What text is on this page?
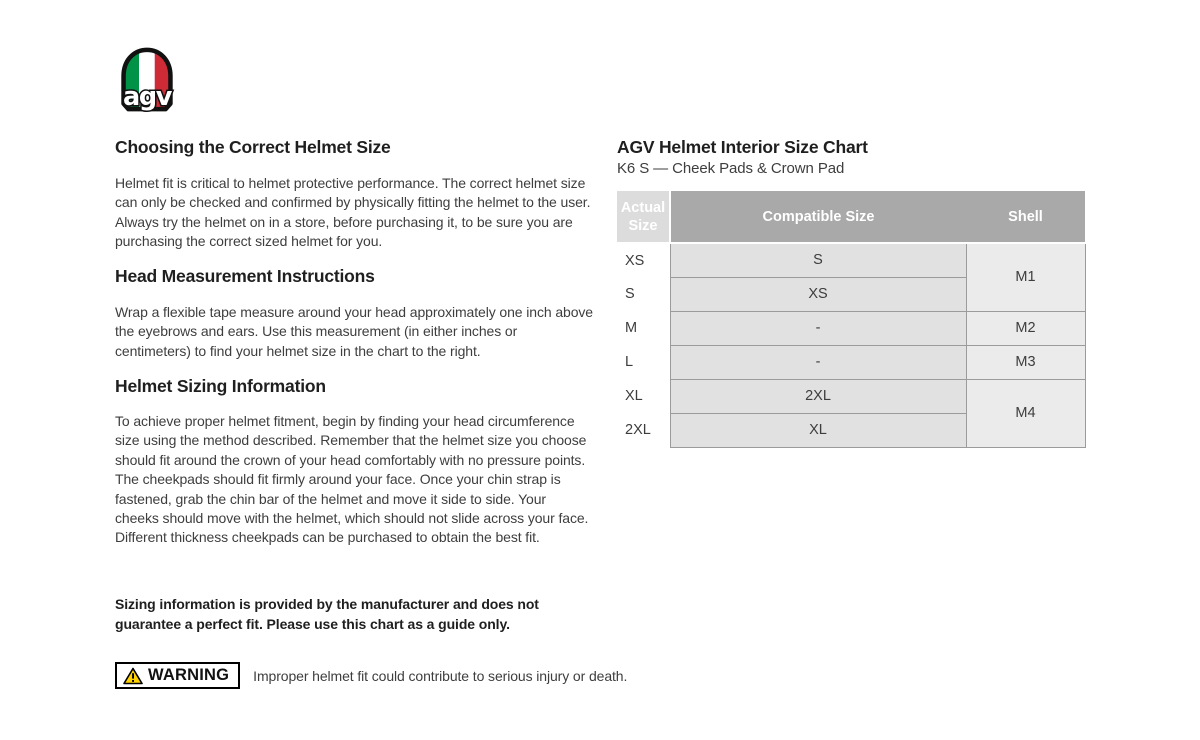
agv
Choosing the Correct Helmet Size

Helmet fit is critical to helmet protective performance. The correct helmet size can only be checked and confirmed by physically fitting the helmet to the user. Always try the helmet on in a store, before purchasing it, to be sure you are purchasing the correct sized helmet for you.

Head Measurement Instructions

Wrap a flexible tape measure around your head approximately one inch above the eyebrows and ears. Use this measurement (in either inches or centimeters) to find your helmet size in the chart to the right.

Helmet Sizing Information

To achieve proper helmet fitment, begin by finding your head circumference size using the method described. Remember that the helmet size you choose should fit around the crown of your head comfortably with no pressure points. The cheekpads should fit firmly around your face. Once your chin strap is fastened, grab the chin bar of the helmet and move it side to side. Your cheeks should move with the helmet, which should not slide across your face. Different thickness cheekpads can be purchased to obtain the best fit.

Sizing information is provided by the manufacturer and does not guarantee a perfect fit. Please use this chart as a guide only.

WARNING Improper helmet fit could contribute to serious injury or death.
AGV Helmet Interior Size Chart
K6 S — Cheek Pads & Crown Pad
Actual Size	Compatible Size	Shell
XS	S	M1
S	XS	
M	-	M2
L	-	M3
XL	2XL	M4
2XL	XL	
